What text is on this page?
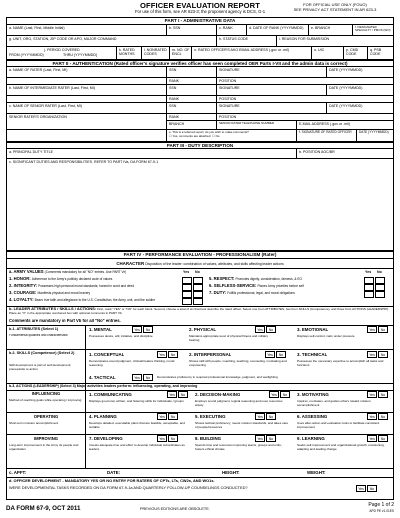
OFFICER EVALUATION REPORT
For use of this form, see AR 623-3; the proponent agency is DCS, G-1
FOR OFFICIAL USE ONLY (FOUO)
SEE PRIVACY ACT STATEMENT IN AR 623-3
PART I - ADMINISTRATIVE DATA
a. NAME (Last, First, Middle Initial)	b. SSN	c. RANK	d. DATE OF RANK (YYYYMMDD)	e. BRANCH	f. DESIGNATED SPECIALTY / PMOS (WO)
g. UNIT, ORG, STATION, ZIP CODE OR APO, MAJOR COMMAND	h. STATUS CODE	i. REASON FOR SUBMISSION
j. PERIOD COVERED
FROM (YYYYMMDD)	THRU (YYYYMMDD)
k. RATED MONTHS
l. NONRATED CODES
m. NO. OF ENCL
n. RATED OFFICER'S AKO EMAIL ADDRESS (.gov or .mil)	o. UIC	p. CMD CODE
q. PSB CODE
PART II - AUTHENTICATION (Rated officer's signature verifies officer has seen completed OER Parts I-VII and the admin data is correct)
a. NAME OF RATER (Last, First, MI)	SSN	SIGNATURE	DATE (YYYYMMDD)
RANK	POSITION
b. NAME OF INTERMEDIATE RATER (Last, First, MI)	SSN	SIGNATURE	DATE (YYYYMMDD)
RANK	POSITION
c. NAME OF SENIOR RATER (Last, First, MI)	SSN	SIGNATURE	DATE (YYYYMMDD)
SENIOR RATER'S ORGANIZATION	RANK	POSITION
BRANCH	SENIOR RATER TELEPHONE NUMBER	E-MAIL ADDRESS (.gov or .mil)
e. This is a referred report; do you wish to make comments?
☐ Yes, comments are attached ☐ No
f. SIGNATURE OF RATED OFFICER	DATE (YYYYMMDD)
PART III - DUTY DESCRIPTION
a. PRINCIPAL DUTY TITLE	b. POSITION AOC/BR
c. SIGNIFICANT DUTIES AND RESPONSIBILITIES. REFER TO PART IVa, DA FORM 67-9-1
PART IV - PERFORMANCE EVALUATION - PROFESSIONALISM (Rater)
CHARACTER Disposition of the leader: combination of values, attributes, and skills affecting leader actions
a. ARMY VALUES (Comments mandatory for all "NO" entries. Use PART Vb)	Yes No	Yes No
1. HONOR: Adherence to the Army's publicly declared code of values
2. INTEGRITY: Possesses high personal moral standards; honest in word and deed
3. COURAGE: Manifests physical and moral bravery
4. LOYALTY: Bears true faith and allegiance to the U.S. Constitution, the Army, unit, and the soldier
5. RESPECT: Promotes dignity, consideration, fairness, & EO
6. SELFLESS-SERVICE: Places Army priorities before self
7. DUTY: Fulfills professional, legal, and moral obligations
b. LEADER ATTRIBUTES / SKILLS / ACTIONS: First, mark "YES" or "NO" for each block. Second, choose a total of six that best describe the rated officer. Select one from ATTRIBUTES, two from SKILLS (Competence), and three from ACTIONS (LEADERSHIP). Place an "X" in the appropriate numbered box with optional comments in PART Vb.
Comments are mandatory in Part Vb for all "No" entries.
b.1. ATTRIBUTES (Select 1)
Fundamental qualities and characteristics
1. MENTAL	Yes	No
Possesses desire, will, initiative, and discipline
2. PHYSICAL	Yes	No
Maintains appropriate level of physical fitness and military bearing
3. EMOTIONAL	Yes	No
Displays self-control; calm under pressure
b.2. SKILLS (Competence) (Select 2)
Skill development is part of self-development; prerequisite to action
1. CONCEPTUAL	Yes	No
Demonstrates sound judgment, critical/creative thinking, moral reasoning
2. INTERPERSONAL	Yes	No
Shows skill with people: coaching, teaching, counseling, motivating and empowering
3. TECHNICAL	Yes	No
Possesses the necessary expertise to accomplish all tasks and functions
4. TACTICAL	Yes	No	Demonstrates proficiency in required professional knowledge, judgment, and warfighting
b.3. ACTIONS (LEADERSHIP) (Select 3) Major activities leaders perform: influencing, operating, and improving
INFLUENCING
Method of reaching goals while operating / improving
OPERATING
Short-term mission accomplishment
IMPROVING
Long-term improvement in the Army its people and organization
1. COMMUNICATING	Yes	No
Displays good oral, written, and listening skills for individuals / groups
2. DECISION-MAKING	Yes	No
Employs sound judgment, logical reasoning and uses resources wisely
3. MOTIVATING	Yes	No
Inspires, motivates, and guides others toward mission accomplishment
4. PLANNING	Yes	No
Develops detailed, executable plans that are feasible, acceptable, and suitable
5. EXECUTING	Yes	No
Shows tactical proficiency, meets mission standards, and takes care of people/resources
6. ASSESSING	Yes	No
Uses after-action and evaluation tools to facilitate consistent improvement
7. DEVELOPING	Yes	No
Invests adequate time and effort to develop individual subordinates as leaders
8. BUILDING	Yes	No
Spends time and resources improving teams, groups and units; fosters ethical climate
9. LEARNING	Yes	No
Seeks self-improvement and organizational growth; envisioning, adapting and leading change
c. APFT:	DATE:	HEIGHT:	WEIGHT:
d. OFFICER DEVELOPMENT - MANDATORY YES OR NO ENTRY FOR RATERS OF CPTs, LTs, CW2s, AND WO1s.
WERE DEVELOPMENTAL TASKS RECORDED ON DA FORM 67-9-1a AND QUARTERLY FOLLOW-UP COUNSELINGS CONDUCTED?	Yes	No
DA FORM 67-9, OCT 2011	PREVIOUS EDITIONS ARE OBSOLETE.
Page 1 of 2
APD PE v1.01ES
